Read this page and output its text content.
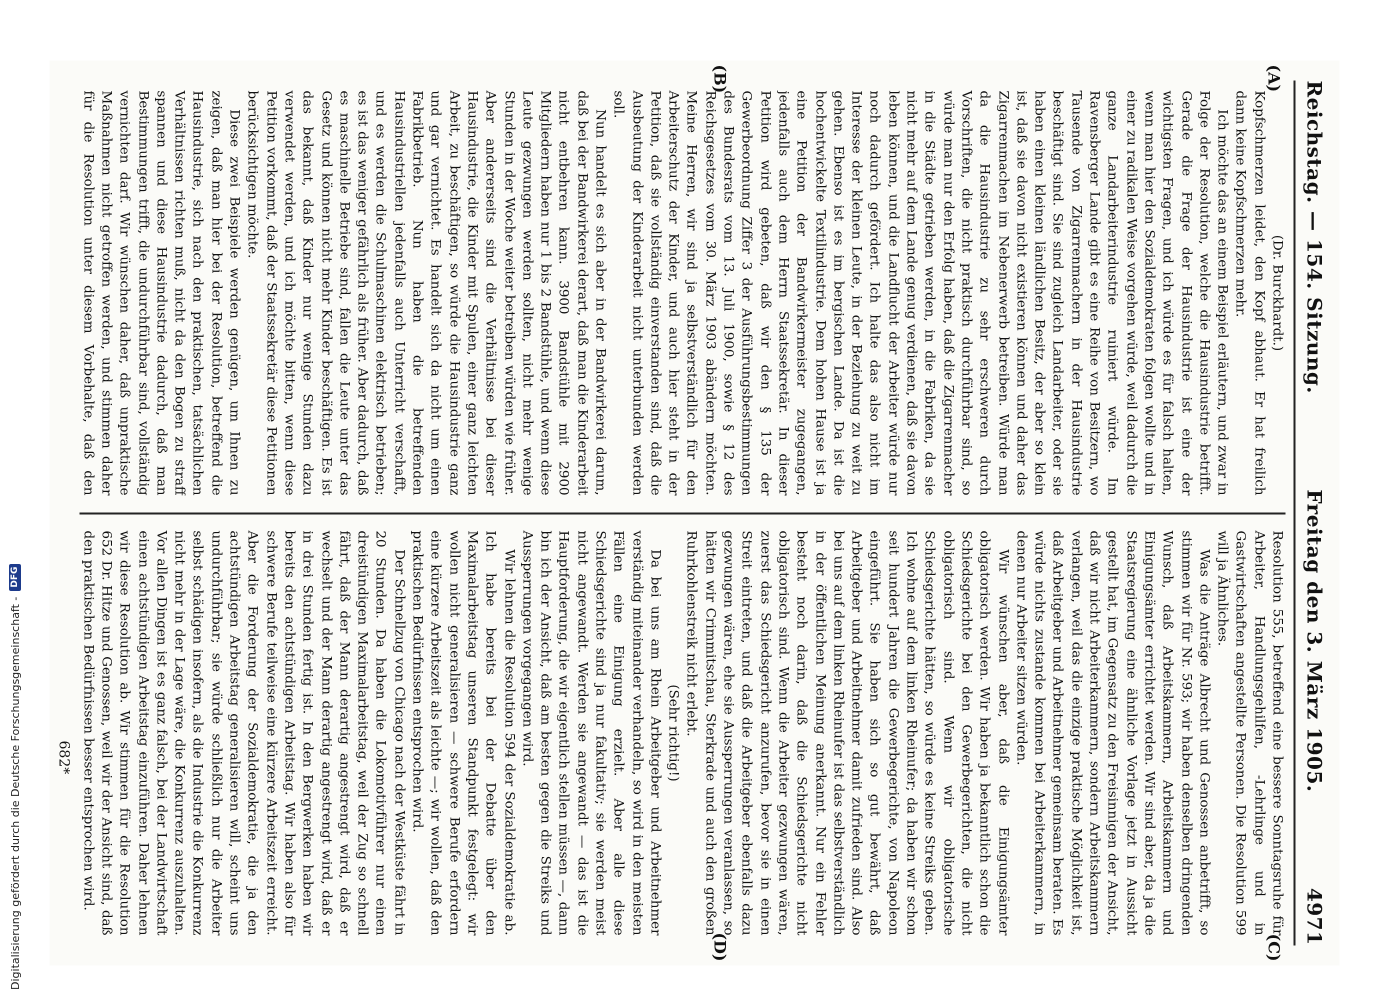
Reichstag. — 154. Sitzung.
Freitag den 3. März 1905.
4971
(A)
(B)
(C)
(D)

(Dr. Burckhardt.)

Kopfschmerzen leidet, den Kopf abhaut. Er hat freilich dann keine Kopfschmerzen mehr.

Ich möchte das an einem Beispiel erläutern, und zwar in Folge der Resolution, welche die Hausindustrie betrifft. Gerade die Frage der Hausindustrie ist eine der wichtigsten Fragen, und ich würde es für falsch halten, wenn man hier den Sozialdemokraten folgen wollte und in einer zu radikalen Weise vorgehen würde, weil dadurch die ganze Landarbeiterindustrie ruiniert würde. Im Ravensberger Lande gibt es eine Reihe von Besitzern, wo Tausende von Zigarrenmachern in der Hausindustrie beschäftigt sind. Sie sind zugleich Landarbeiter, oder sie haben einen kleinen ländlichen Besitz, der aber so klein ist, daß sie davon nicht existieren können und daher das Zigarrenmachen im Nebenerwerb betreiben. Würde man da die Hausindustrie zu sehr erschweren durch Vorschriften, die nicht praktisch durchführbar sind, so würde man nur den Erfolg haben, daß die Zigarrenmacher in die Städte getrieben werden, in die Fabriken, da sie nicht mehr auf dem Lande genug verdienen, daß sie davon leben können, und die Landflucht der Arbeiter würde nur noch dadurch gefördert. Ich halte das also nicht im Interesse der kleinen Leute, in der Beziehung zu weit zu gehen. Ebenso ist es im bergischen Lande. Da ist die hochentwickelte Textilindustrie. Dem hohen Hause ist ja eine Petition der Bandwirkermeister zugegangen, jedenfalls auch dem Herrn Staatssekretär. In dieser Petition wird gebeten, daß wir den § 135 der Gewerbeordnung Ziffer 3 der Ausführungsbestimmungen des Bundesrats vom 13. Juli 1900, sowie § 12 des Reichsgesetzes vom 30. März 1903 abändern möchten. Meine Herren, wir sind ja selbstverständlich für den Arbeiterschutz der Kinder, und auch hier steht in der Petition, daß sie vollständig einverstanden sind, daß die Ausbeutung der Kinderarbeit nicht unterbunden werden soll.

Nun handelt es sich aber in der Bandwirkerei darum, daß bei der Bandwirkerei derart, daß man die Kinderarbeit nicht entbehren kann. 3900 Bandstühle mit 2900 Mitgliedern haben nur 1 bis 2 Bandstühle, und wenn diese Leute gezwungen werden sollten, nicht mehr wenige Stunden in der Woche weiter betreiben würden wie früher. Aber andererseits sind die Verhältnisse bei dieser Hausindustrie, die Kinder mit Spulen, einer ganz leichten Arbeit, zu beschäftigen, so würde die Hausindustrie ganz und gar vernichtet. Es handelt sich da nicht um einen Fabrikbetrieb. Nun haben die betreffenden Hausindustriellen jedenfalls auch Unterricht verschafft, und es werden die Schulmaschinen elektrisch betrieben; es ist das weniger gefährlich als früher. Aber dadurch, daß es maschinelle Betriebe sind, fallen die Leute unter das Gesetz und können nicht mehr Kinder beschäftigen. Es ist das bekannt, daß Kinder nur wenige Stunden dazu verwendet werden, und ich möchte bitten, wenn diese Petition vorkommt, daß der Staatssekretär diese Petitionen berücksichtigen möchte.

Diese zwei Beispiele werden genügen, um Ihnen zu zeigen, daß man hier bei der Resolution, betreffend die Hausindustrie, sich nach den praktischen, tatsächlichen Verhältnissen richten muß, nicht da den Bogen zu straff spannen und diese Hausindustrie dadurch, daß man Bestimmungen trifft, die undurchführbar sind, vollständig vernichten darf. Wir wünschen daher, daß unpraktische Maßnahmen nicht getroffen werden, und stimmen daher für die Resolution unter diesem Vorbehalte, daß den

Resolution 555, betreffend eine bessere Sonntagsruhe für Arbeiter, Handlungsgehilfen, -Lehrlinge und in Gastwirtschaften angestellte Personen. Die Resolution 599 will ja Ähnliches.

Was die Anträge Albrecht und Genossen anbetrifft, so stimmen wir für Nr. 593; wir haben denselben dringenden Wunsch, daß Arbeitskammern, Arbeitskammern und Einigungsämter errichtet werden. Wir sind aber, da ja die Staatsregierung eine ähnliche Vorlage jetzt in Aussicht gestellt hat, im Gegensatz zu den Freisinnigen der Ansicht, daß wir nicht Arbeiterkammern, sondern Arbeitskammern verlangen, weil das die einzige praktische Möglichkeit ist, daß Arbeitgeber und Arbeitnehmer gemeinsam beraten. Es würde nichts zustande kommen bei Arbeiterkammern, in denen nur Arbeiter sitzen würden.

Wir wünschen aber, daß die Einigungsämter obligatorisch werden. Wir haben ja bekanntlich schon die Schiedsgerichte bei den Gewerbegerichten, die nicht obligatorisch sind. Wenn wir obligatorische Schiedsgerichte hätten, so würde es keine Streiks geben. Ich wohne auf dem linken Rheinufer; da haben wir schon seit hundert Jahren die Gewerbegerichte, von Napoleon eingeführt. Sie haben sich so gut bewährt, daß Arbeitgeber und Arbeitnehmer damit zufrieden sind. Also bei uns auf dem linken Rheinufer ist das selbstverständlich in der öffentlichen Meinung anerkannt. Nur ein Fehler besteht noch darin, daß die Schiedsgerichte nicht obligatorisch sind. Wenn die Arbeiter gezwungen wären, zuerst das Schiedsgericht anzurufen, bevor sie in einen Streit eintreten, und daß die Arbeitgeber ebenfalls dazu gezwungen wären, ehe sie Aussperrungen veranlassen, so hätten wir Crimmitschau, Sterkrade und auch den großen Ruhrkohlenstreik nicht erlebt.

(Sehr richtig!)

Da bei uns am Rhein Arbeitgeber und Arbeitnehmer verständig miteinander verhandeln, so wird in den meisten Fällen eine Einigung erzielt. Aber alle diese Schiedsgerichte sind ja nur fakultativ; sie werden meist nicht angewandt. Werden sie angewandt — das ist die Hauptforderung, die wir eigentlich stellen müssen —, dann bin ich der Ansicht, daß am besten gegen die Streiks und Aussperrungen vorgegangen wird.

Wir lehnen die Resolution 594 der Sozialdemokratie ab. Ich habe bereits bei der Debatte über den Maximalarbeitstag unseren Standpunkt festgelegt: wir wollen nicht generalisieren — schwere Berufe erfordern eine kürzere Arbeitszeit als leichte —; wir wollen, daß den praktischen Bedürfnissen entsprochen wird.

Der Schnellzug von Chicago nach der Westküste fährt in 20 Stunden. Da haben die Lokomotivführer nur einen dreistündigen Maximalarbeitstag, weil der Zug so schnell fährt, daß der Mann derartig angestrengt wird, daß er wechselt und der Mann derartig angestrengt wird, daß er in drei Stunden fertig ist. In den Bergwerken haben wir bereits den achtstündigen Arbeitstag. Wir haben also für schwere Berufe teilweise eine kürzere Arbeitszeit erreicht. Aber die Forderung der Sozialdemokratie, die ja den achtstündigen Arbeitstag generalisieren will, scheint uns undurchführbar; sie würde schließlich nur die Arbeiter selbst schädigen insofern, als die Industrie die Konkurrenz nicht mehr in der Lage wäre, die Konkurrenz auszuhalten. Vor allen Dingen ist es ganz falsch, bei der Landwirtschaft einen achtstündigen Arbeitstag einzuführen. Daher lehnen wir diese Resolution ab. Wir stimmen für die Resolution 652 Dr. Hitze und Genossen, weil wir der Ansicht sind, daß den praktischen Bedürfnissen besser entsprochen wird.

682*
Digitalisierung gefördert durch die Deutsche Forschungsgemeinschaft -
DFG
